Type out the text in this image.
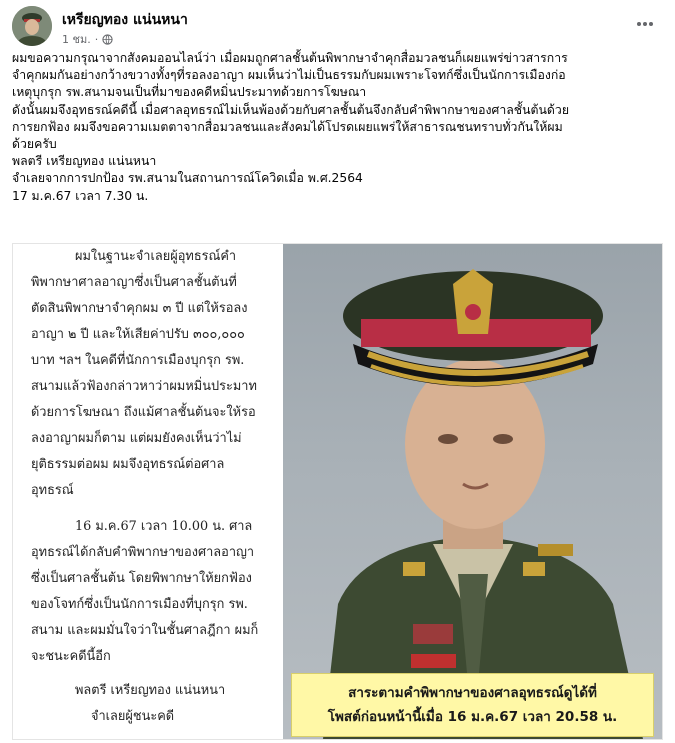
เหรียญทอง แน่นหนา
1 ชม. ·
ผมขอความกรุณาจากสังคมออนไลน์ว่า เมื่อผมถูกศาลชั้นต้นพิพากษาจำคุกสื่อมวลชนก็เผยแพร่ข่าวสารการ
จำคุกผมกันอย่างกว้างขวางทั้งๆที่รอลงอาญา ผมเห็นว่าไม่เป็นธรรมกับผมเพราะโจทก์ซึ่งเป็นนักการเมืองก่อ
เหตุบุกรุก รพ.สนามจนเป็นที่มาของคดีหมิ่นประมาทด้วยการโฆษณา
ดังนั้นผมจึงอุทธรณ์คดีนี้ เมื่อศาลอุทธรณ์ไม่เห็นพ้องด้วยกับศาลชั้นต้นจึงกลับคำพิพากษาของศาลชั้นต้นด้วย
การยกฟ้อง ผมจึงขอความเมตตาจากสื่อมวลชนและสังคมได้โปรดเผยแพร่ให้สาธารณชนทราบทั่วกันให้ผม
ด้วยครับ
พลตรี เหรียญทอง แน่นหนา
จำเลยจากการปกป้อง รพ.สนามในสถานการณ์โควิดเมื่อ พ.ศ.2564
17 ม.ค.67 เวลา 7.30 น.
ผมในฐานะจำเลยผู้อุทธรณ์คำ
พิพากษาศาลอาญาซึ่งเป็นศาลชั้นต้นที่
ตัดสินพิพากษาจำคุกผม ๓ ปี แต่ให้รอลง
อาญา ๒ ปี และให้เสียค่าปรับ ๓๐๐,๐๐๐
บาท ฯลฯ ในคดีที่นักการเมืองบุกรุก รพ.
สนามแล้วฟ้องกล่าวหาว่าผมหมิ่นประมาท
ด้วยการโฆษณา ถึงแม้ศาลชั้นต้นจะให้รอ
ลงอาญาผมก็ตาม แต่ผมยังคงเห็นว่าไม่
ยุติธรรมต่อผม ผมจึงอุทธรณ์ต่อศาล
อุทธรณ์
16 ม.ค.67 เวลา 10.00 น. ศาล
อุทธรณ์ได้กลับคำพิพากษาของศาลอาญา
ซึ่งเป็นศาลชั้นต้น โดยพิพากษาให้ยกฟ้อง
ของโจทก์ซึ่งเป็นนักการเมืองที่บุกรุก รพ.
สนาม และผมมั่นใจว่าในชั้นศาลฎีกา ผมก็
จะชนะคดีนี้อีก
พลตรี เหรียญทอง แน่นหนา
จำเลยผู้ชนะคดี
สาระตามคำพิพากษาของศาลอุทธรณ์ดูได้ที่
โพสต์ก่อนหน้านี้เมื่อ 16 ม.ค.67 เวลา 20.58 น.
